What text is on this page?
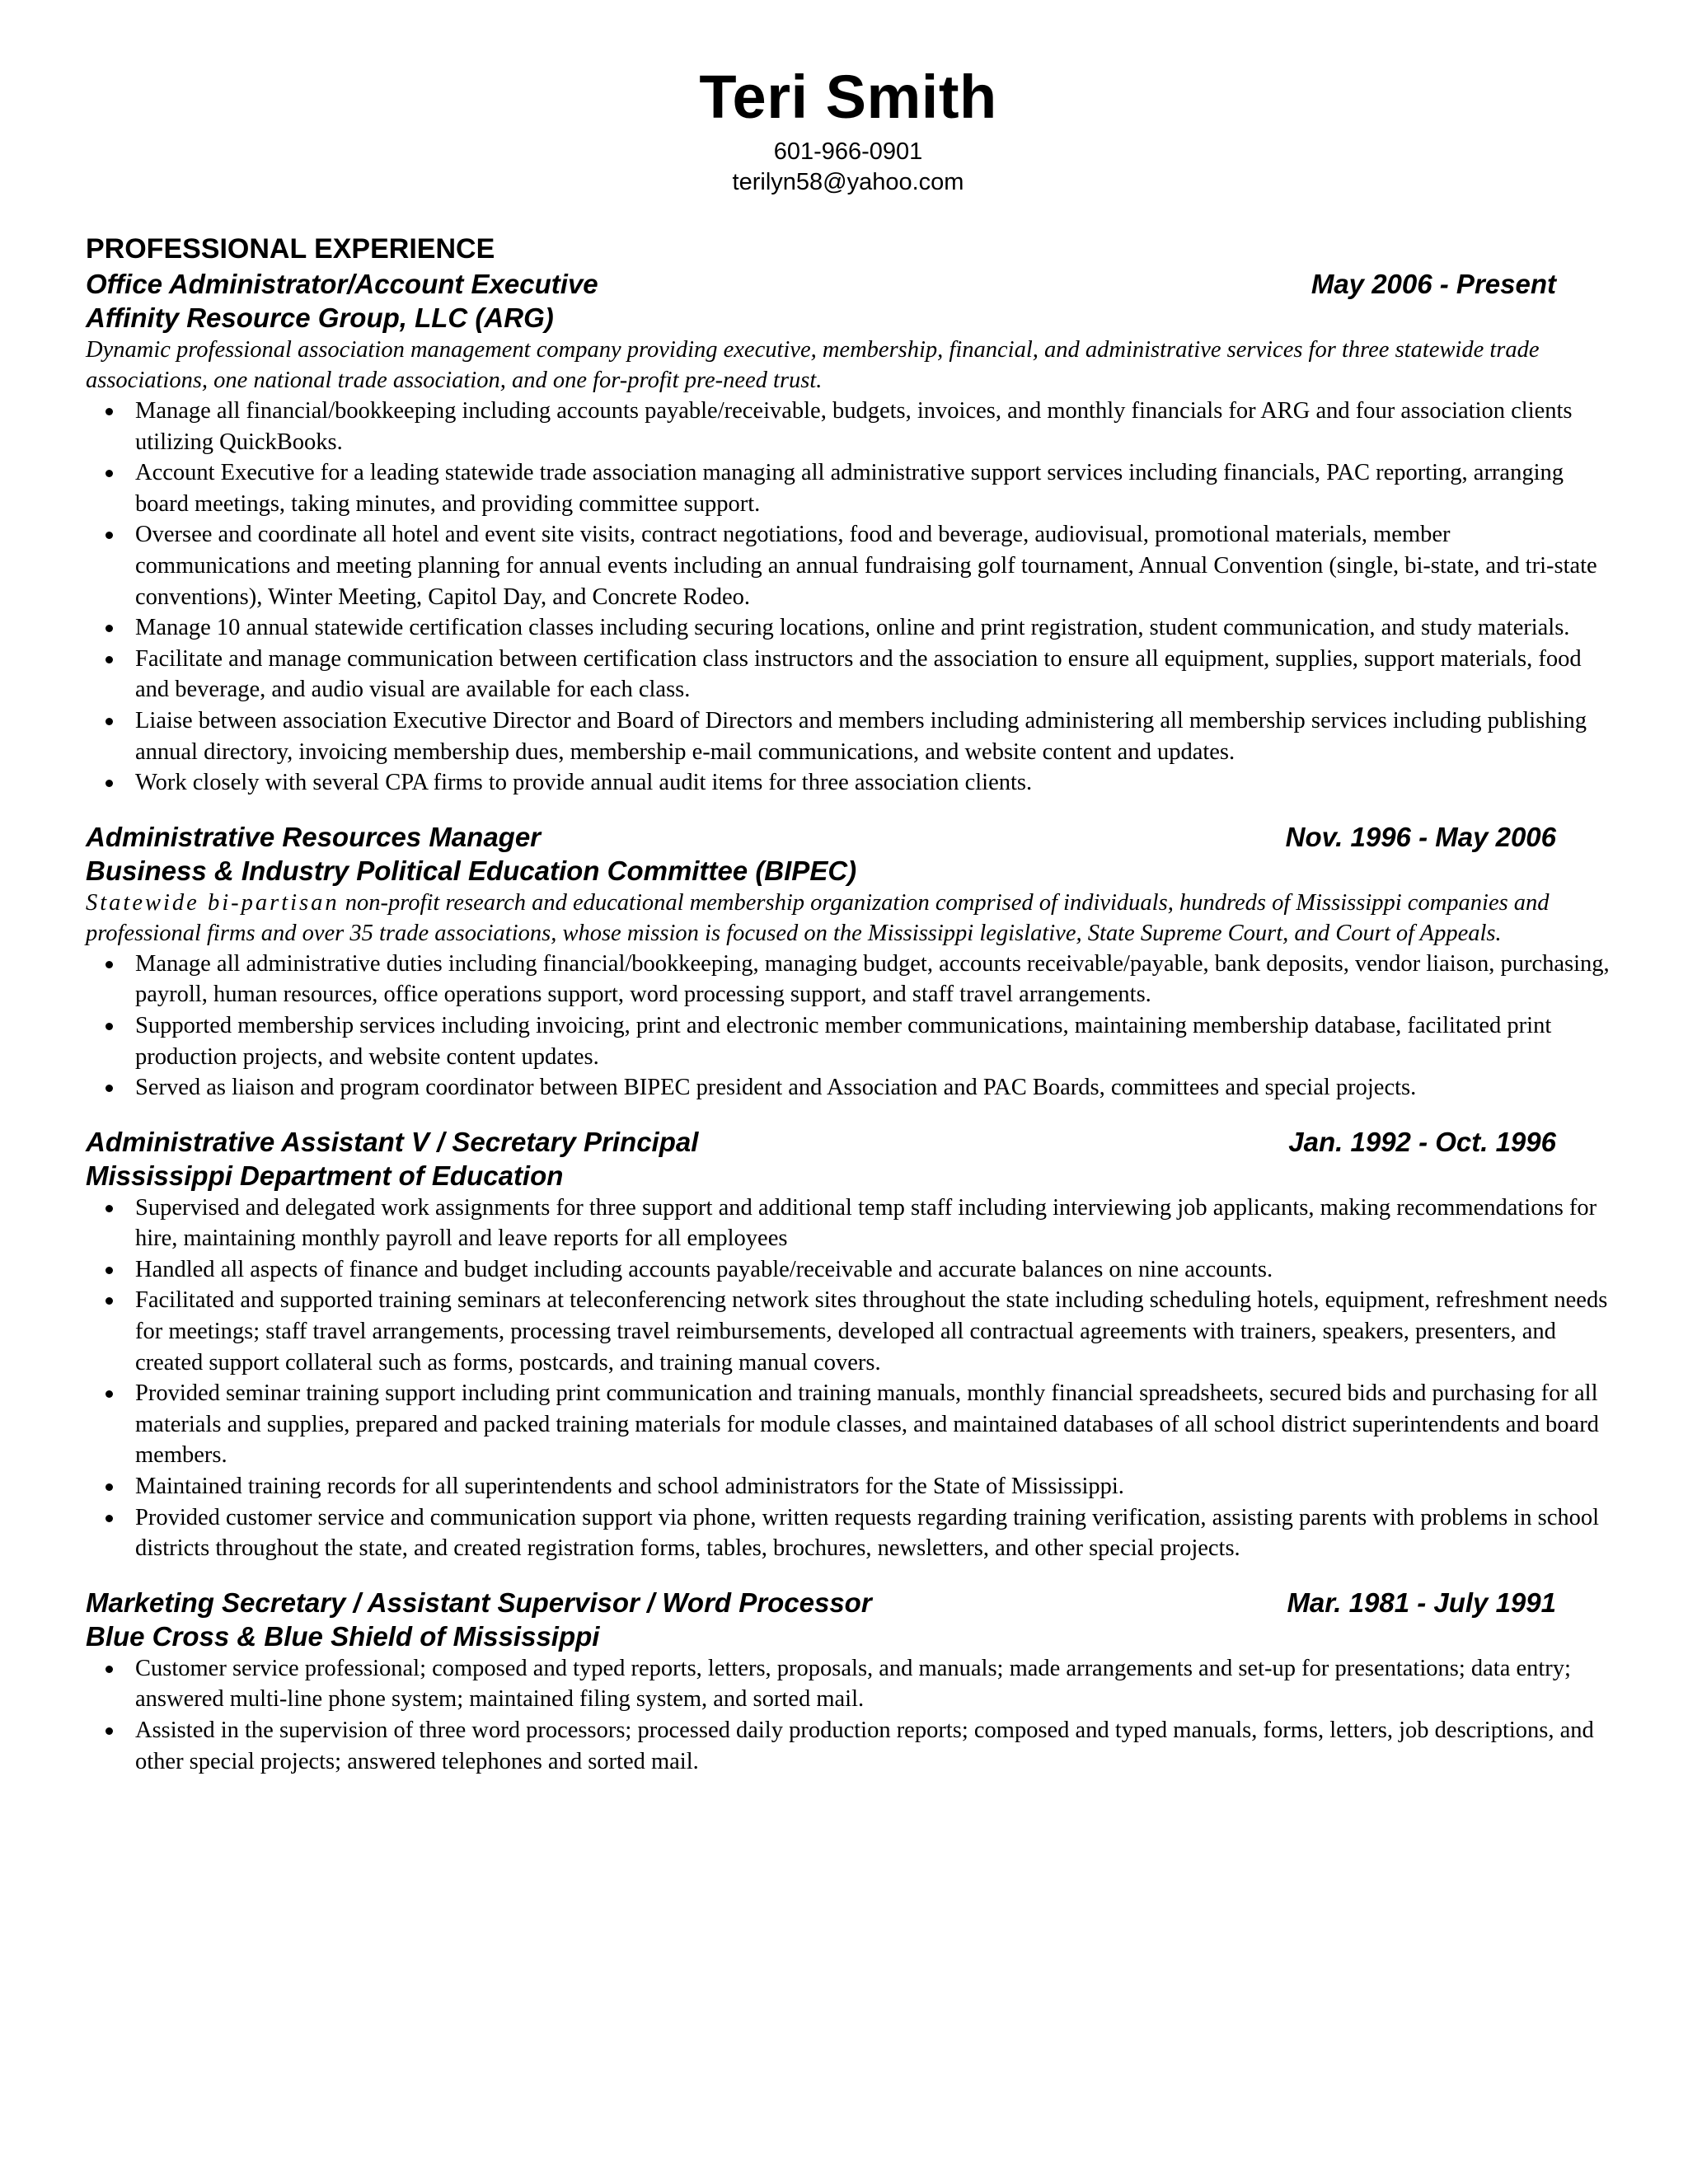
Teri Smith
601-966-0901
terilyn58@yahoo.com
PROFESSIONAL EXPERIENCE
Office Administrator/Account Executive	May 2006 - Present
Affinity Resource Group, LLC (ARG)
Dynamic professional association management company providing executive, membership, financial, and administrative services for three statewide trade associations, one national trade association, and one for-profit pre-need trust.
Manage all financial/bookkeeping including accounts payable/receivable, budgets, invoices, and monthly financials for ARG and four association clients utilizing QuickBooks.
Account Executive for a leading statewide trade association managing all administrative support services including financials, PAC reporting, arranging board meetings, taking minutes, and providing committee support.
Oversee and coordinate all hotel and event site visits, contract negotiations, food and beverage, audiovisual, promotional materials, member communications and meeting planning for annual events including an annual fundraising golf tournament, Annual Convention (single, bi-state, and tri-state conventions), Winter Meeting, Capitol Day, and Concrete Rodeo.
Manage 10 annual statewide certification classes including securing locations, online and print registration, student communication, and study materials.
Facilitate and manage communication between certification class instructors and the association to ensure all equipment, supplies, support materials, food and beverage, and audio visual are available for each class.
Liaise between association Executive Director and Board of Directors and members including administering all membership services including publishing annual directory, invoicing membership dues, membership e-mail communications, and website content and updates.
Work closely with several CPA firms to provide annual audit items for three association clients.
Administrative Resources Manager	Nov. 1996 - May 2006
Business & Industry Political Education Committee (BIPEC)
Statewide bi-partisan non-profit research and educational membership organization comprised of individuals, hundreds of Mississippi companies and professional firms and over 35 trade associations, whose mission is focused on the Mississippi legislative, State Supreme Court, and Court of Appeals.
Manage all administrative duties including financial/bookkeeping, managing budget, accounts receivable/payable, bank deposits, vendor liaison, purchasing, payroll, human resources, office operations support, word processing support, and staff travel arrangements.
Supported membership services including invoicing, print and electronic member communications, maintaining membership database, facilitated print production projects, and website content updates.
Served as liaison and program coordinator between BIPEC president and Association and PAC Boards, committees and special projects.
Administrative Assistant V / Secretary Principal	Jan. 1992 - Oct. 1996
Mississippi Department of Education
Supervised and delegated work assignments for three support and additional temp staff including interviewing job applicants, making recommendations for hire, maintaining monthly payroll and leave reports for all employees
Handled all aspects of finance and budget including accounts payable/receivable and accurate balances on nine accounts.
Facilitated and supported training seminars at teleconferencing network sites throughout the state including scheduling hotels, equipment, refreshment needs for meetings; staff travel arrangements, processing travel reimbursements, developed all contractual agreements with trainers, speakers, presenters, and created support collateral such as forms, postcards, and training manual covers.
Provided seminar training support including print communication and training manuals, monthly financial spreadsheets, secured bids and purchasing for all materials and supplies, prepared and packed training materials for module classes, and maintained databases of all school district superintendents and board members.
Maintained training records for all superintendents and school administrators for the State of Mississippi.
Provided customer service and communication support via phone, written requests regarding training verification, assisting parents with problems in school districts throughout the state, and created registration forms, tables, brochures, newsletters, and other special projects.
Marketing Secretary / Assistant Supervisor / Word Processor	Mar. 1981 - July 1991
Blue Cross & Blue Shield of Mississippi
Customer service professional; composed and typed reports, letters, proposals, and manuals; made arrangements and set-up for presentations; data entry; answered multi-line phone system; maintained filing system, and sorted mail.
Assisted in the supervision of three word processors; processed daily production reports; composed and typed manuals, forms, letters, job descriptions, and other special projects; answered telephones and sorted mail.
